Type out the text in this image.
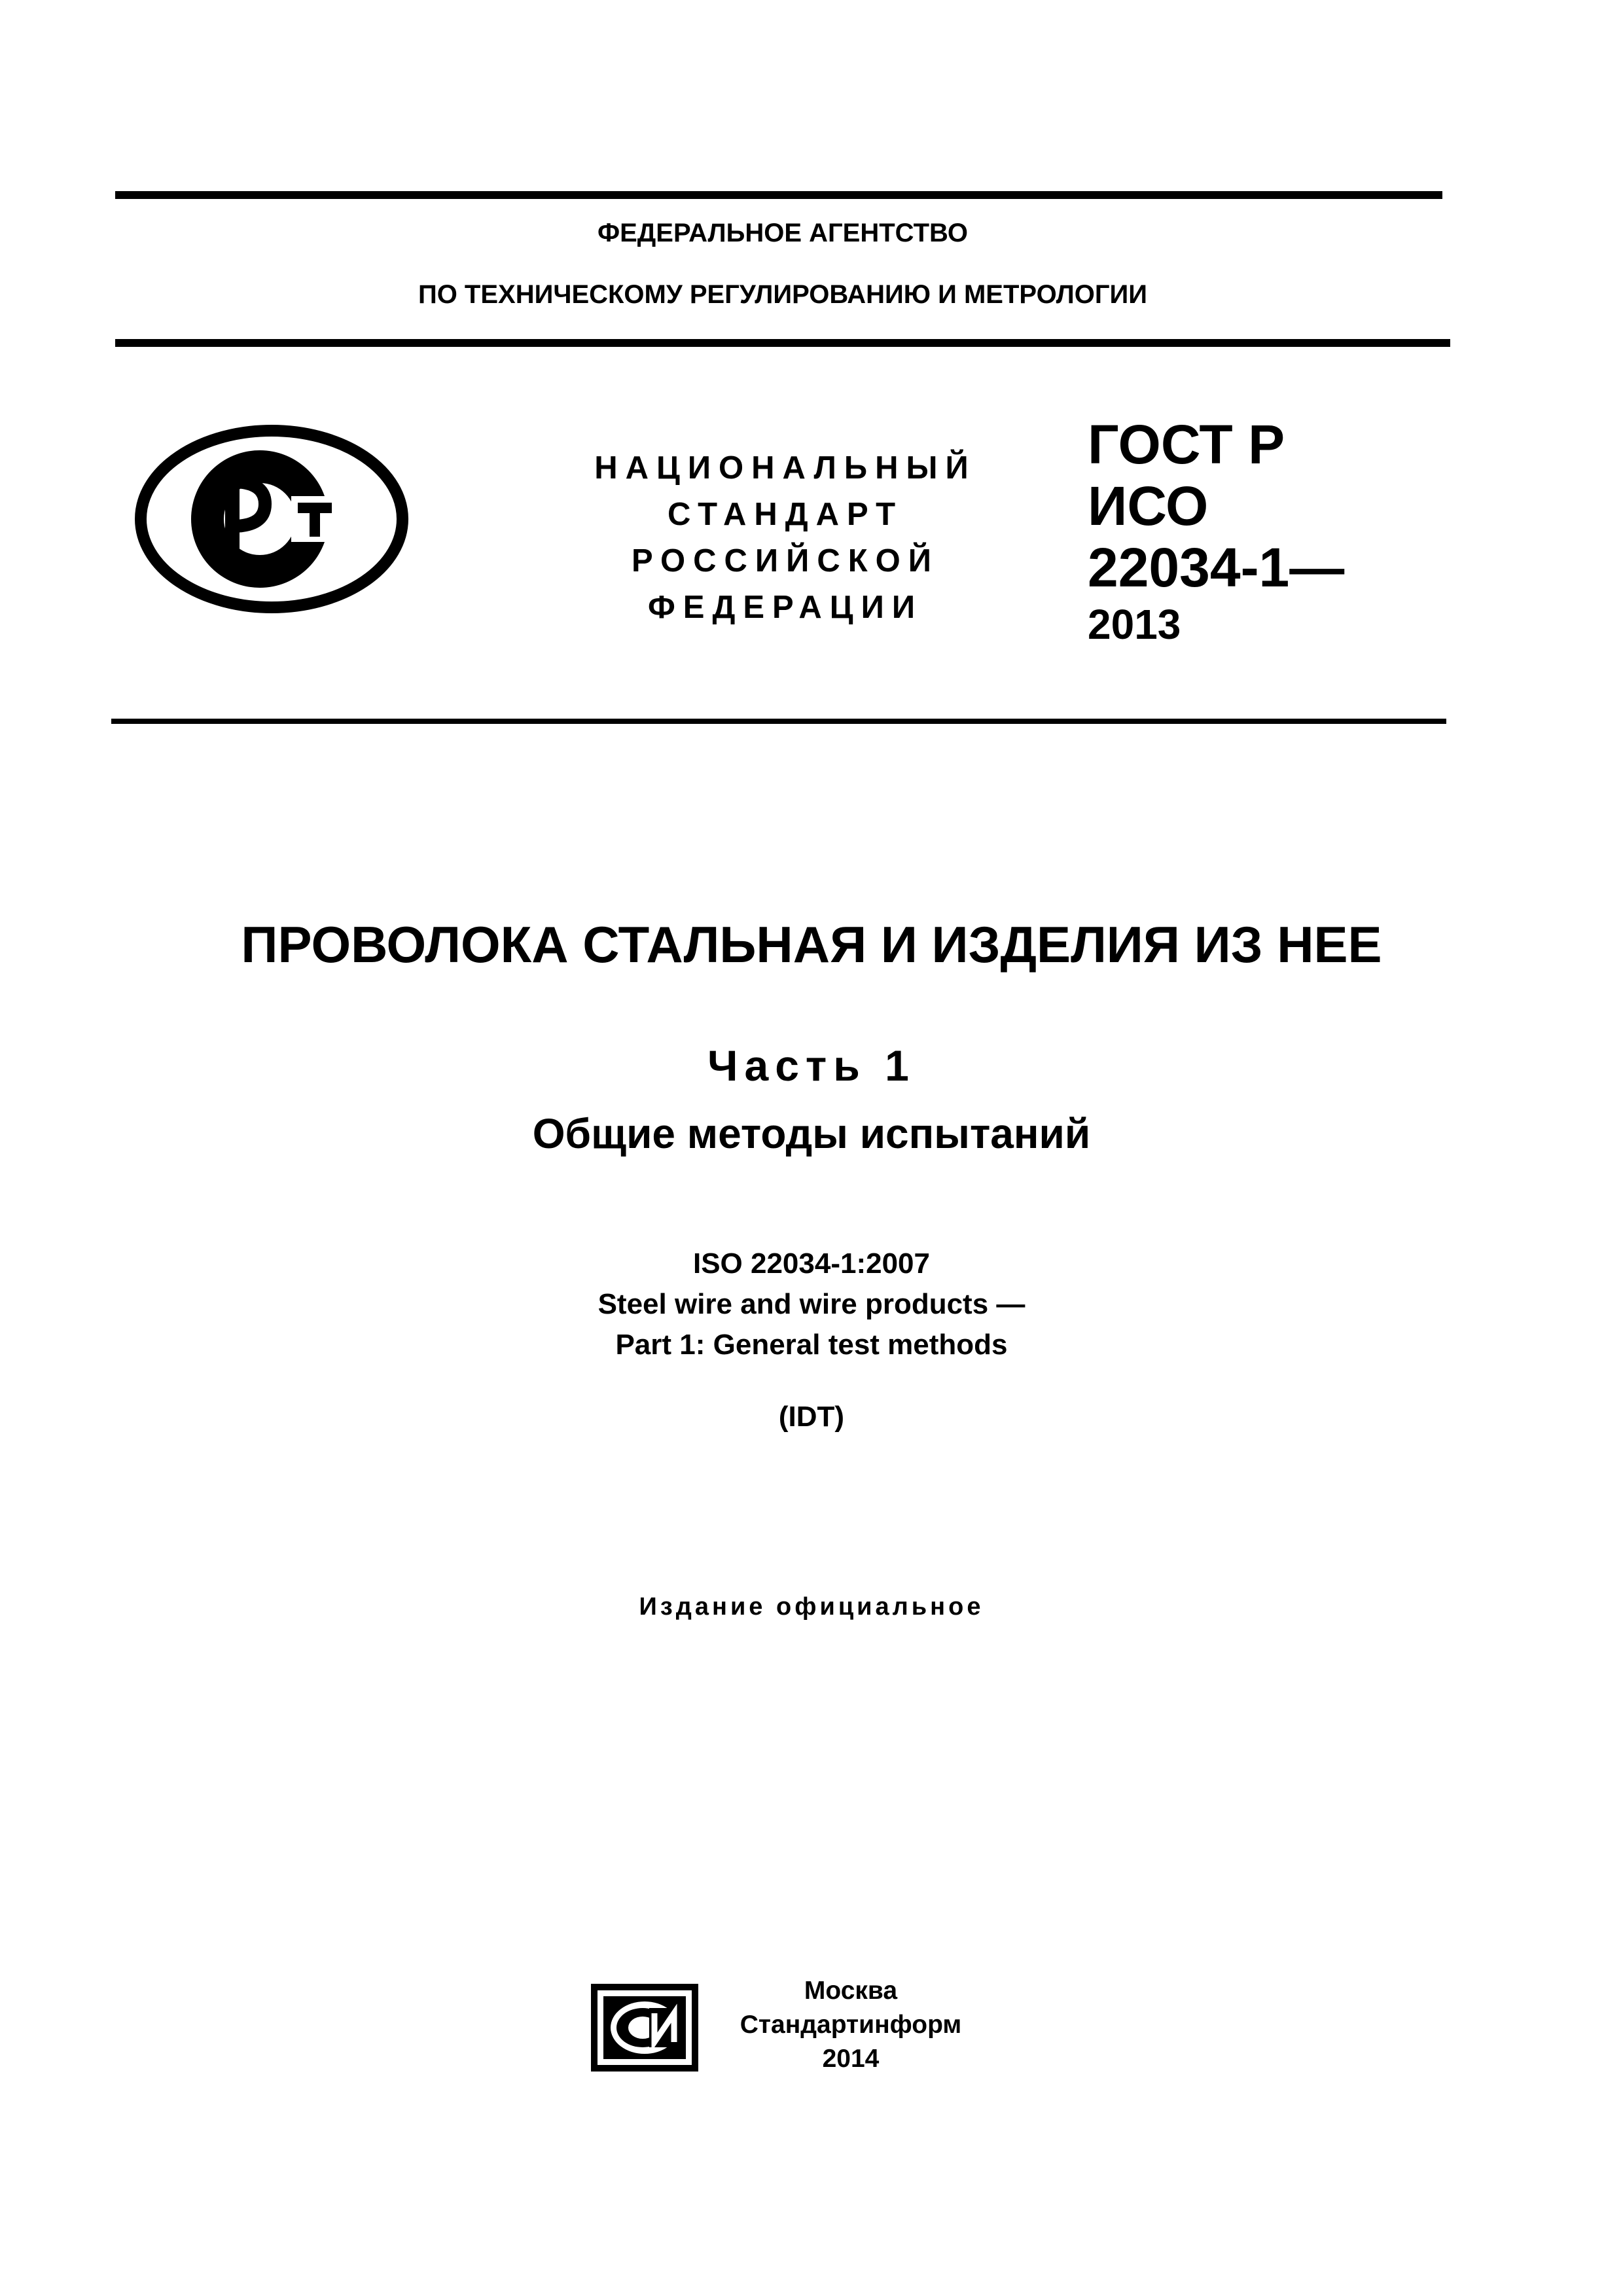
ФЕДЕРАЛЬНОЕ АГЕНТСТВО
ПО ТЕХНИЧЕСКОМУ РЕГУЛИРОВАНИЮ И МЕТРОЛОГИИ
НАЦИОНАЛЬНЫЙ
СТАНДАРТ
РОССИЙСКОЙ
ФЕДЕРАЦИИ
ГОСТ Р
ИСО
22034-1—
2013
ПРОВОЛОКА СТАЛЬНАЯ И ИЗДЕЛИЯ ИЗ НЕЕ
Часть 1
Общие методы испытаний
ISO 22034-1:2007
Steel wire and wire products —
Part 1: General test methods
(IDT)
Издание официальное
Москва
Стандартинформ
2014
